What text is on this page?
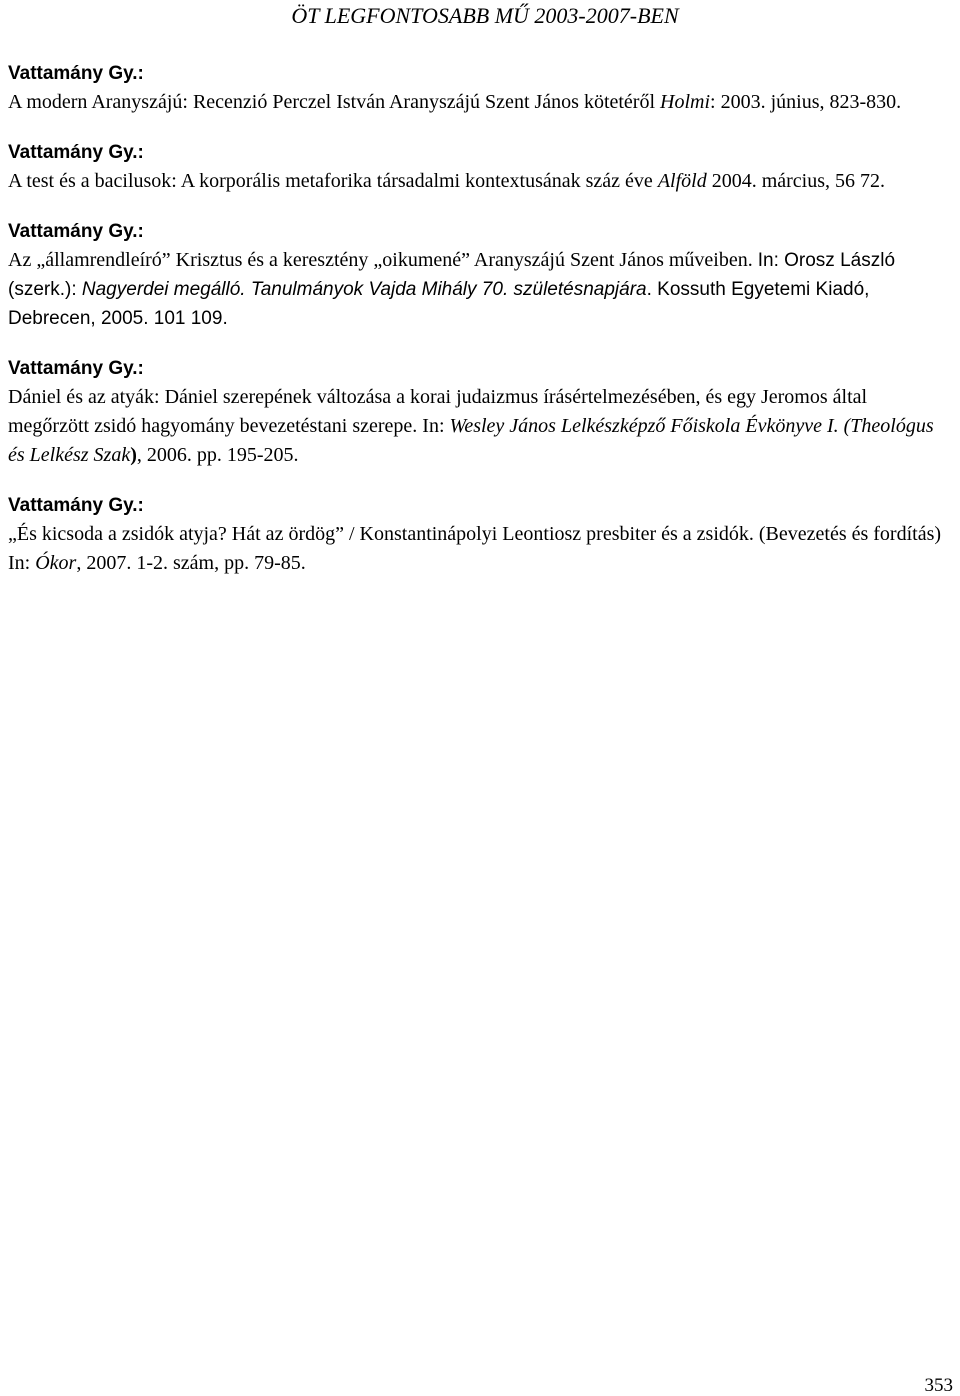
ÖT LEGFONTOSABB MŰ 2003-2007-BEN
Vattamány Gy.:
A modern Aranyszájú: Recenzió Perczel István Aranyszájú Szent János kötetéről Holmi: 2003. június, 823-830.
Vattamány Gy.:
A test és a bacilusok: A korporális metaforika társadalmi kontextusának száz éve Alföld 2004. március, 56 72.
Vattamány Gy.:
Az „államrendleíró” Krisztus és a keresztény „oikumené” Aranyszájú Szent János műveiben. In: Orosz László (szerk.): Nagyerdei megálló. Tanulmányok Vajda Mihály 70. születésnapjára. Kossuth Egyetemi Kiadó, Debrecen, 2005. 101 109.
Vattamány Gy.:
Dániel és az atyák: Dániel szerepének változása a korai judaizmus írásértelmezésében, és egy Jeromos által megőrzött zsidó hagyomány bevezetéstani szerepe. In: Wesley János Lelkészképző Főiskola Évkönyve I. (Theológus és Lelkész Szak), 2006. pp. 195-205.
Vattamány Gy.:
„És kicsoda a zsidók atyja? Hát az ördög” / Konstantinápolyi Leontiosz presbiter és a zsidók. (Bevezetés és fordítás) In: Ókor, 2007. 1-2. szám, pp. 79-85.
353
